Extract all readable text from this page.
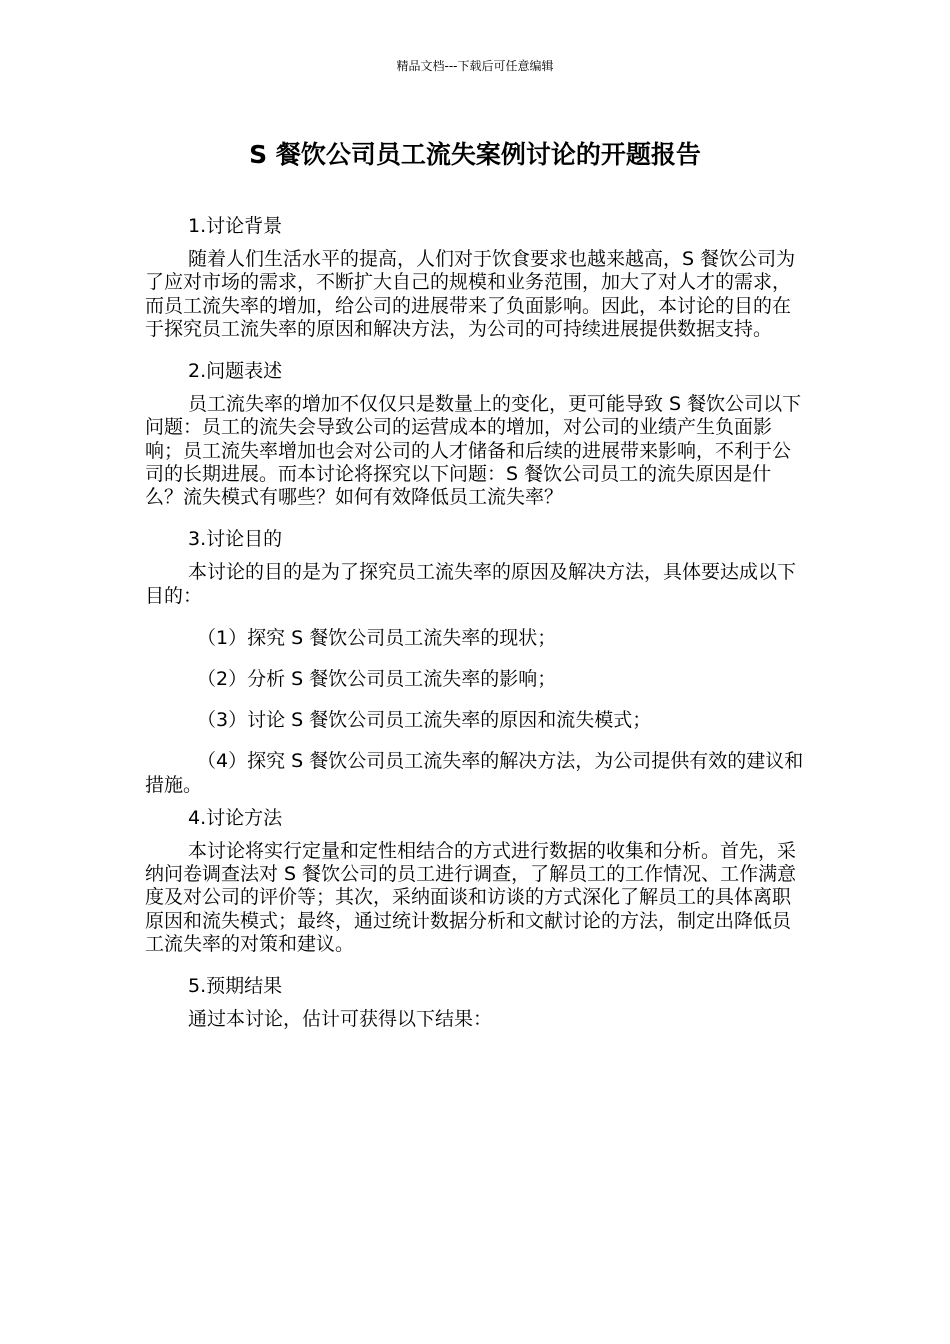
精品文档---下载后可任意编辑
S 餐饮公司员工流失案例讨论的开题报告

1.讨论背景

随着人们生活水平的提高，人们对于饮食要求也越来越高，S 餐饮公司为了应对市场的需求，不断扩大自己的规模和业务范围，加大了对人才的需求，而员工流失率的增加，给公司的进展带来了负面影响。因此，本讨论的目的在于探究员工流失率的原因和解决方法，为公司的可持续进展提供数据支持。

2.问题表述

员工流失率的增加不仅仅只是数量上的变化，更可能导致 S 餐饮公司以下问题：员工的流失会导致公司的运营成本的增加，对公司的业绩产生负面影响；员工流失率增加也会对公司的人才储备和后续的进展带来影响，不利于公司的长期进展。而本讨论将探究以下问题：S 餐饮公司员工的流失原因是什么？流失模式有哪些？如何有效降低员工流失率？

3.讨论目的

本讨论的目的是为了探究员工流失率的原因及解决方法，具体要达成以下目的：

（1）探究 S 餐饮公司员工流失率的现状；

（2）分析 S 餐饮公司员工流失率的影响；

（3）讨论 S 餐饮公司员工流失率的原因和流失模式；

（4）探究 S 餐饮公司员工流失率的解决方法，为公司提供有效的建议和措施。

4.讨论方法

本讨论将实行定量和定性相结合的方式进行数据的收集和分析。首先，采纳问卷调查法对 S 餐饮公司的员工进行调查，了解员工的工作情况、工作满意度及对公司的评价等；其次，采纳面谈和访谈的方式深化了解员工的具体离职原因和流失模式；最终，通过统计数据分析和文献讨论的方法，制定出降低员工流失率的对策和建议。

5.预期结果

通过本讨论，估计可获得以下结果：
